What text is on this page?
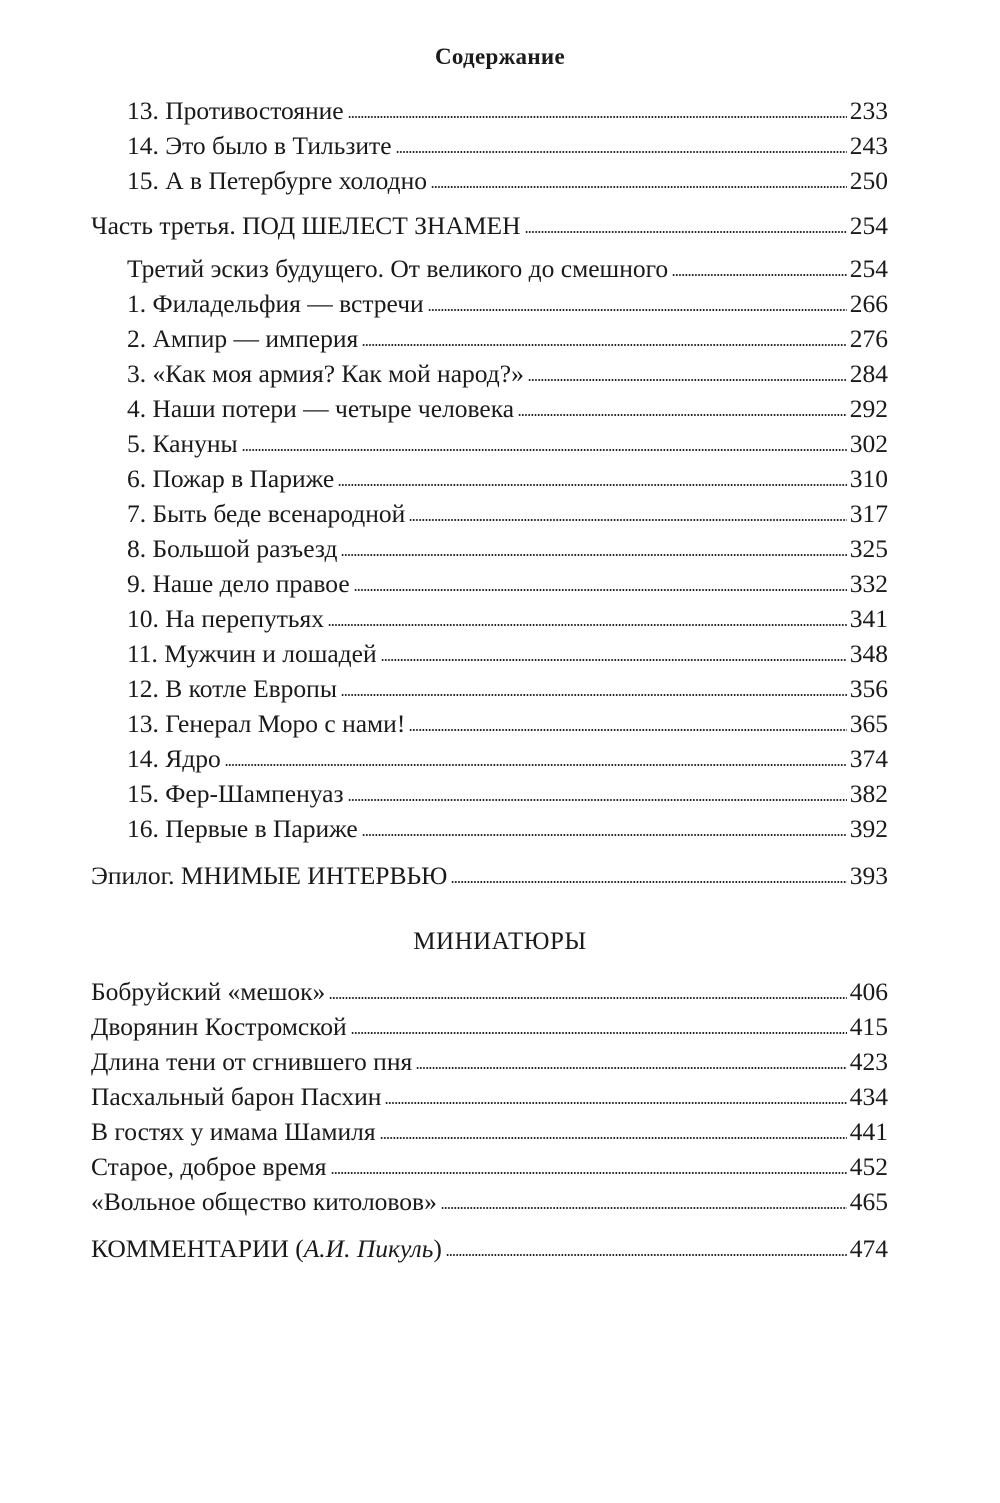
Содержание
13. Противостояние	233
14. Это было в Тильзите	243
15. А в Петербурге холодно	250
Часть третья. ПОД ШЕЛЕСТ ЗНАМЕН	254
Третий эскиз будущего. От великого до смешного	254
1. Филадельфия — встречи	266
2. Ампир — империя	276
3. «Как моя армия? Как мой народ?»	284
4. Наши потери — четыре человека	292
5. Кануны	302
6. Пожар в Париже	310
7. Быть беде всенародной	317
8. Большой разъезд	325
9. Наше дело правое	332
10. На перепутьях	341
11. Мужчин и лошадей	348
12. В котле Европы	356
13. Генерал Моро с нами!	365
14. Ядро	374
15. Фер-Шампенуаз	382
16. Первые в Париже	392
Эпилог. МНИМЫЕ ИНТЕРВЬЮ	393
МИНИАТЮРЫ
Бобруйский «мешок»	406
Дворянин Костромской	415
Длина тени от сгнившего пня	423
Пасхальный барон Пасхин	434
В гостях у имама Шамиля	441
Старое, доброе время	452
«Вольное общество китоловов»	465
КОММЕНТАРИИ (А.И. Пикуль)	474
